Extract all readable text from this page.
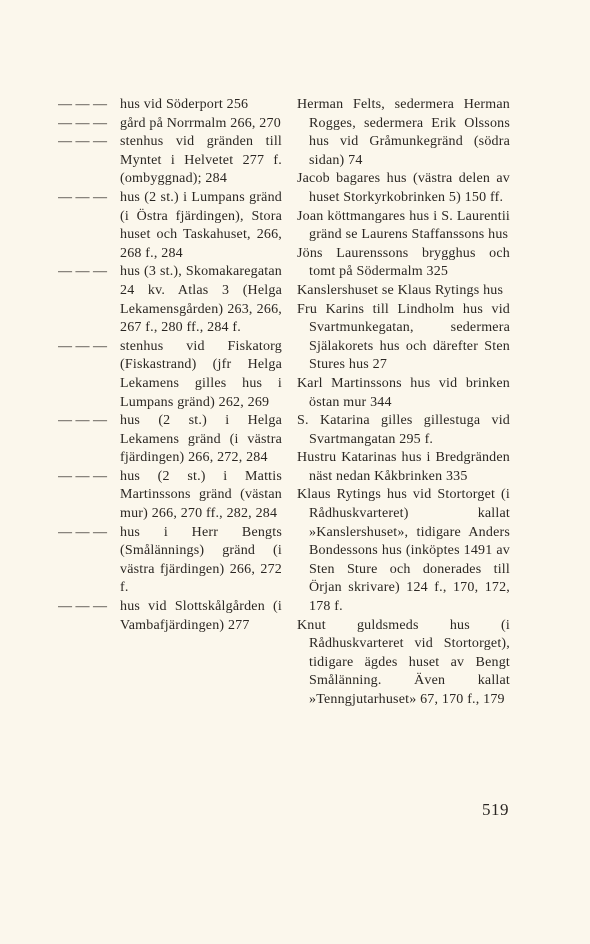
— — — hus vid Söderport 256
— — — gård på Norrmalm 266, 270
— — — stenhus vid gränden till Myntet i Helvetet 277 f. (ombyggnad); 284
— — — hus (2 st.) i Lumpans gränd (i Östra fjärdingen), Stora huset och Taskahuset, 266, 268 f., 284
— — — hus (3 st.), Skomakaregatan 24 kv. Atlas 3 (Helga Lekamensgården) 263, 266, 267 f., 280 ff., 284 f.
— — — stenhus vid Fiskatorg (Fiskastrand) (jfr Helga Lekamens gilles hus i Lumpans gränd) 262, 269
— — — hus (2 st.) i Helga Lekamens gränd (i västra fjärdingen) 266, 272, 284
— — — hus (2 st.) i Mattis Martinssons gränd (västan mur) 266, 270 ff., 282, 284
— — — hus i Herr Bengts (Smålännings) gränd (i västra fjärdingen) 266, 272 f.
— — — hus vid Slottskålgården (i Vambafjärdingen) 277
Herman Felts, sedermera Herman Rogges, sedermera Erik Olssons hus vid Gråmunkegränd (södra sidan) 74
Jacob bagares hus (västra delen av huset Storkyrkobrinken 5) 150 ff.
Joan köttmangares hus i S. Laurentii gränd se Laurens Staffanssons hus
Jöns Laurenssons brygghus och tomt på Södermalm 325
Kanslershuset se Klaus Rytings hus
Fru Karins till Lindholm hus vid Svartmunkegatan, sedermera Själakorets hus och därefter Sten Stures hus 27
Karl Martinssons hus vid brinken östan mur 344
S. Katarina gilles gillestuga vid Svartmangatan 295 f.
Hustru Katarinas hus i Bredgränden näst nedan Kåkbrinken 335
Klaus Rytings hus vid Stortorget (i Rådhuskvarteret) kallat »Kanslershuset», tidigare Anders Bondessons hus (inköptes 1491 av Sten Sture och donerades till Örjan skrivare) 124 f., 170, 172, 178 f.
Knut guldsmeds hus (i Rådhuskvarteret vid Stortorget), tidigare ägdes huset av Bengt Smålänning. Även kallat »Tenngjutarhuset» 67, 170 f., 179
519
